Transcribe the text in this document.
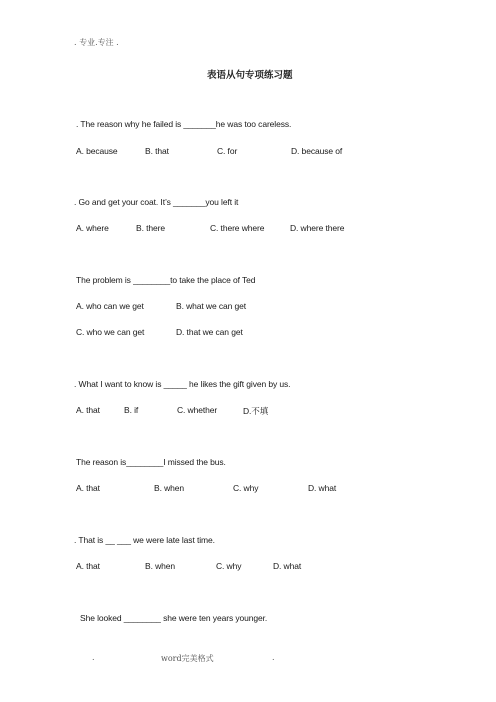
. 专业.专注 .
表语从句专项练习题
. The reason why he failed is _______he was too careless.
A. because	B. that	C. for	D. because of
. Go and get your coat. It’s _______you left it
A. where	B. there	C. there where	D. where there
The problem is ________to take the place of Ted
A. who can we get	B. what we can get
C. who we can get	D. that we can get
. What I want to know is _____ he likes the gift given by us.
A. that	B. if	C. whether	D.不填
The reason is________I missed the bus.
A. that	B. when	C. why	D. what
. That is __ ___ we were late last time.
A. that	B. when	C. why	D. what
She looked ________ she were ten years younger.
.	word完美格式	.
